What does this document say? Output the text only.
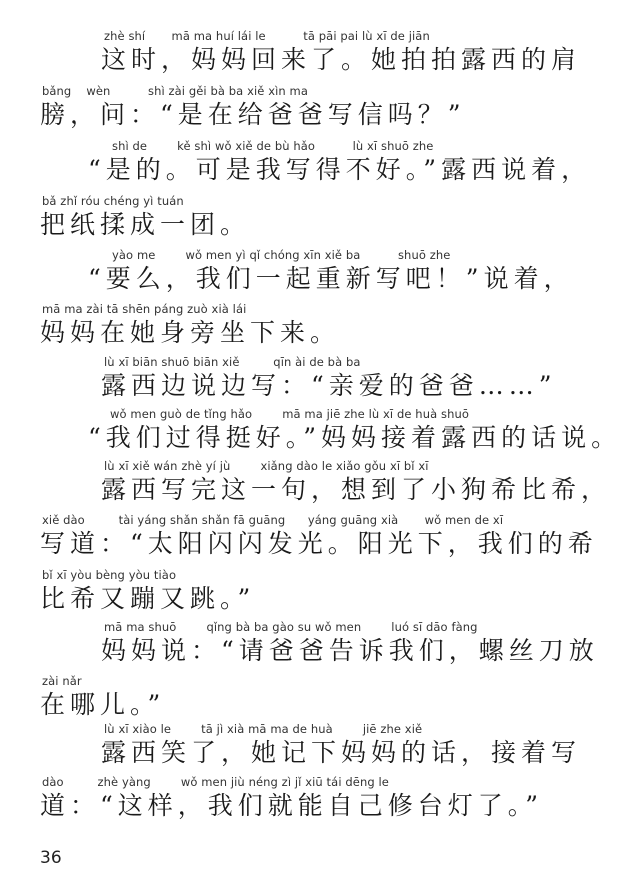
zhè shí       mā ma huí lái le          tā pāi pai lù xī de jiān
这时，妈妈回来了。她拍拍露西的肩
bǎng    wèn          shì zài gěi bà ba xiě xìn ma
膀，问：“是在给爸爸写信吗？”
shì de        kě shì wǒ xiě de bù hǎo          lù xī shuō zhe
“是的。可是我写得不好。”露西说着，
bǎ zhǐ róu chéng yì tuán
把纸揉成一团。
yào me        wǒ men yì qǐ chóng xīn xiě ba          shuō zhe
“要么，我们一起重新写吧！”说着，
mā ma zài tā shēn páng zuò xià lái
妈妈在她身旁坐下来。
lù xī biān shuō biān xiě         qīn ài de bà ba
露西边说边写：“亲爱的爸爸……”
wǒ men guò de tǐng hǎo        mā ma jiē zhe lù xī de huà shuō
“我们过得挺好。”妈妈接着露西的话说。
lù xī xiě wán zhè yí jù        xiǎng dào le xiǎo gǒu xī bǐ xī
露西写完这一句，想到了小狗希比希，
xiě dào         tài yáng shǎn shǎn fā guāng      yáng guāng xià       wǒ men de xī
写道：“太阳闪闪发光。阳光下，我们的希
bǐ xī yòu bèng yòu tiào
比希又蹦又跳。”
mā ma shuō        qǐng bà ba gào su wǒ men        luó sī dāo fàng
妈妈说：“请爸爸告诉我们，螺丝刀放
zài nǎr
在哪儿。”
lù xī xiào le        tā jì xià mā ma de huà        jiē zhe xiě
露西笑了，她记下妈妈的话，接着写
dào         zhè yàng        wǒ men jiù néng zì jǐ xiū tái dēng le
道：“这样，我们就能自己修台灯了。”
36
